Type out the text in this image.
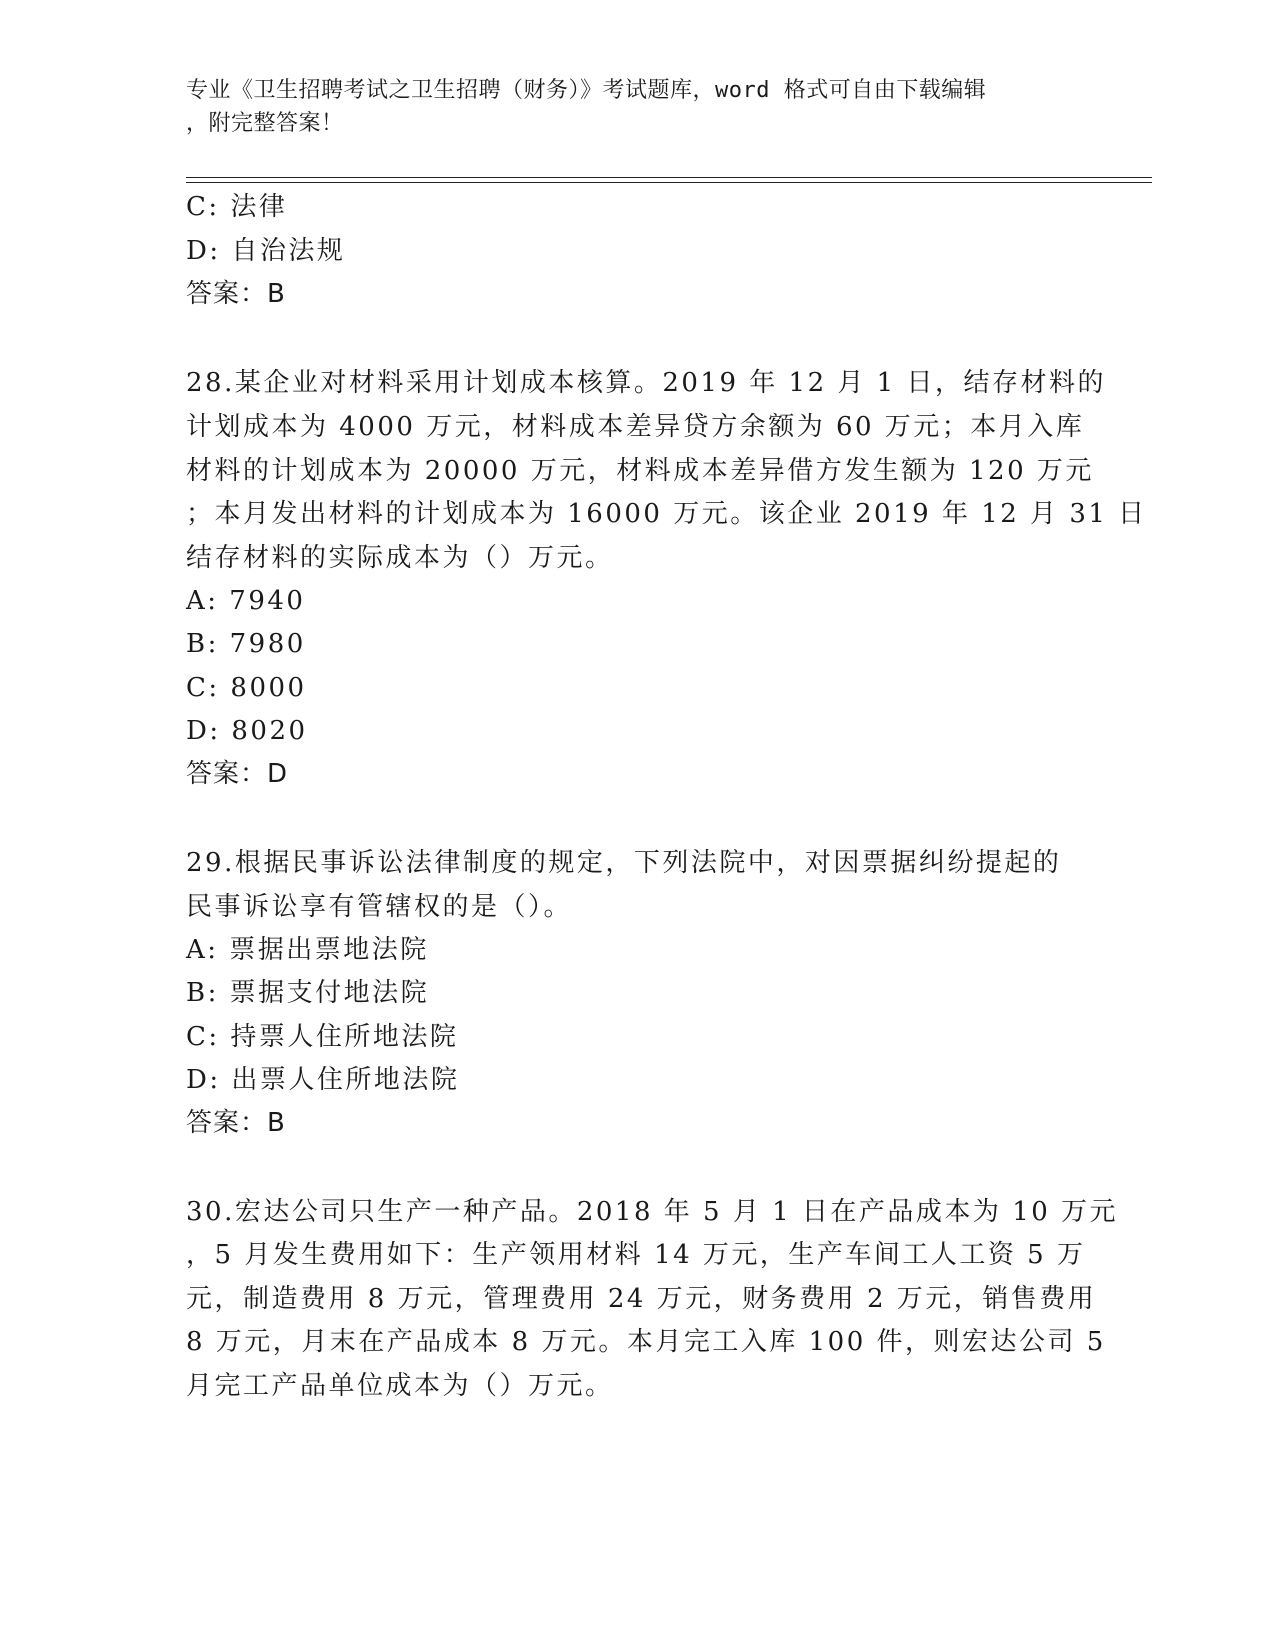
专业《卫生招聘考试之卫生招聘（财务）》考试题库，word 格式可自由下载编辑
，附完整答案！
C: 法律
D: 自治法规
答案：B
28.某企业对材料采用计划成本核算。2019 年 12 月 1 日，结存材料的
计划成本为 4000 万元，材料成本差异贷方余额为 60 万元；本月入库
材料的计划成本为 20000 万元，材料成本差异借方发生额为 120 万元
；本月发出材料的计划成本为 16000 万元。该企业 2019 年 12 月 31 日
结存材料的实际成本为（）万元。
A: 7940
B: 7980
C: 8000
D: 8020
答案：D
29.根据民事诉讼法律制度的规定，下列法院中，对因票据纠纷提起的
民事诉讼享有管辖权的是（）。
A: 票据出票地法院
B: 票据支付地法院
C: 持票人住所地法院
D: 出票人住所地法院
答案：B
30.宏达公司只生产一种产品。2018 年 5 月 1 日在产品成本为 10 万元
，5 月发生费用如下：生产领用材料 14 万元，生产车间工人工资 5 万
元，制造费用 8 万元，管理费用 24 万元，财务费用 2 万元，销售费用
8 万元，月末在产品成本 8 万元。本月完工入库 100 件，则宏达公司 5
月完工产品单位成本为（）万元。
